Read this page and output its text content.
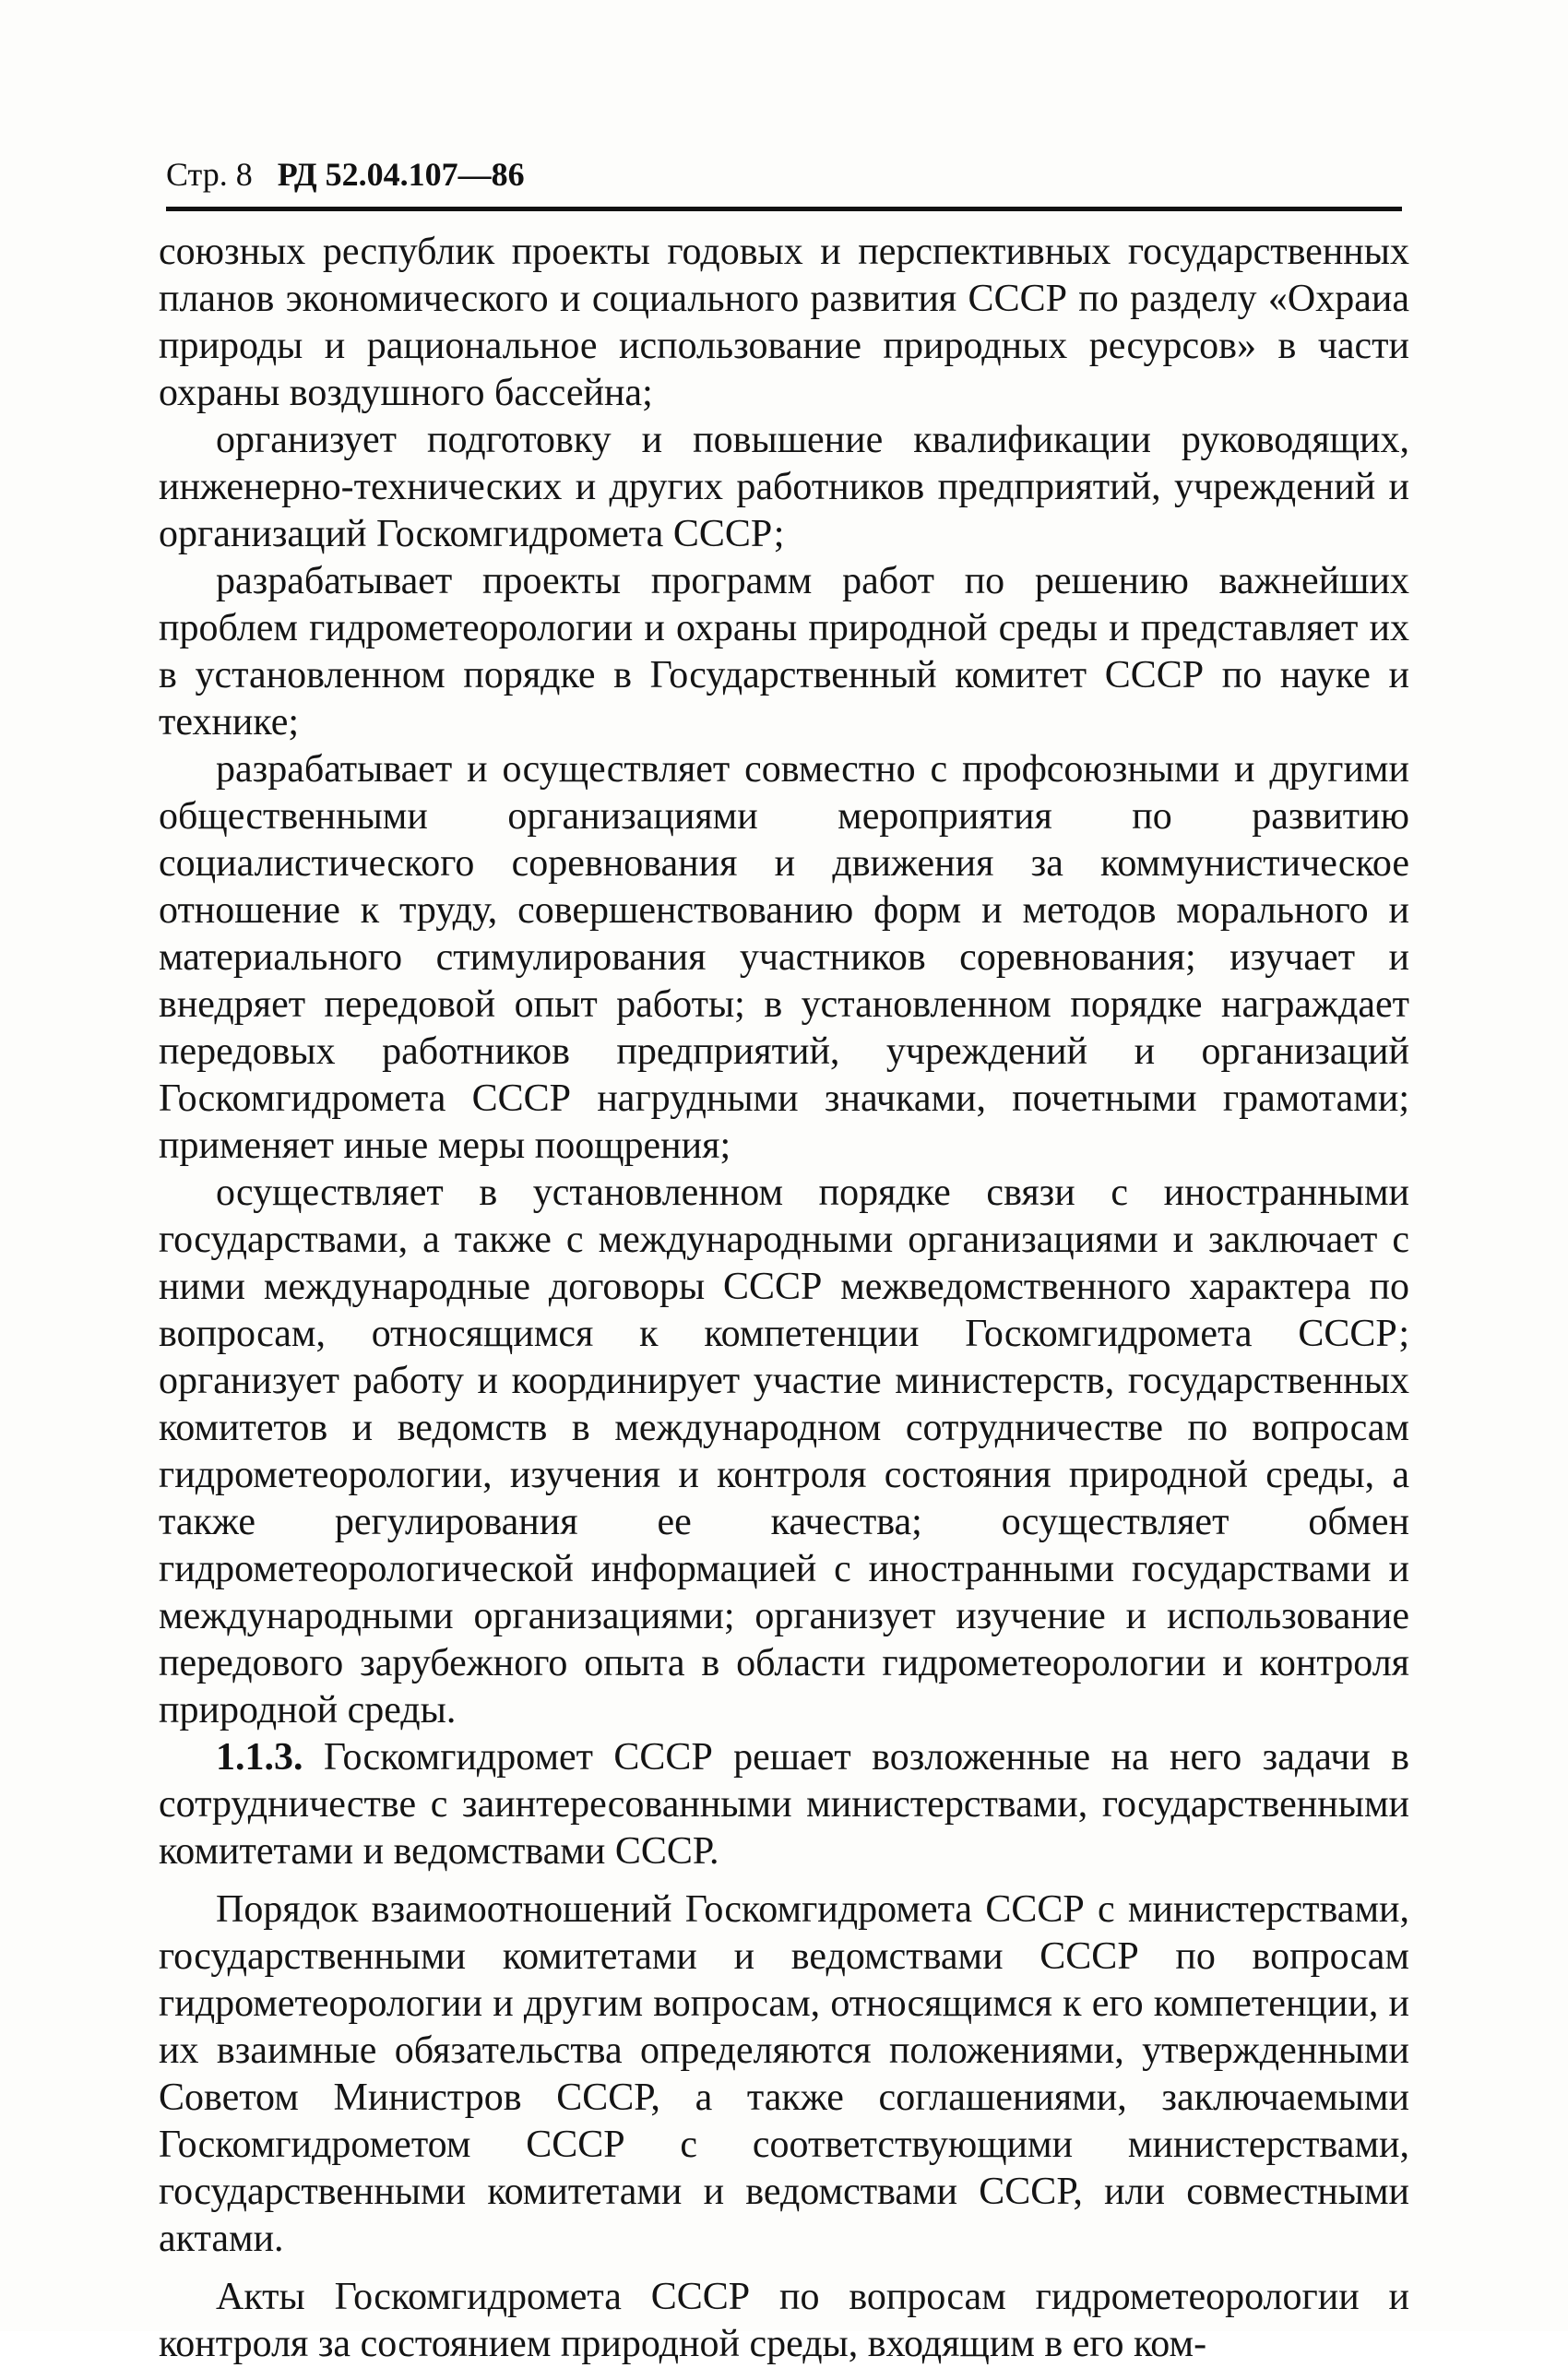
Стр. 8 РД 52.04.107—86

союзных республик проекты годовых и перспективных государственных планов экономического и социального развития СССР по разделу «Охраиа природы и рациональное использование природных ресурсов» в части охраны воздушного бассейна;

организует подготовку и повышение квалификации руководящих, инженерно-технических и других работников предприятий, учреждений и организаций Госкомгидромета СССР;

разрабатывает проекты программ работ по решению важнейших проблем гидрометеорологии и охраны природной среды и представляет их в установленном порядке в Государственный комитет СССР по науке и технике;

разрабатывает и осуществляет совместно с профсоюзными и другими общественными организациями мероприятия по развитию социалистического соревнования и движения за коммунистическое отношение к труду, совершенствованию форм и методов морального и материального стимулирования участников соревнования; изучает и внедряет передовой опыт работы; в установленном порядке награждает передовых работников предприятий, учреждений и организаций Госкомгидромета СССР нагрудными значками, почетными грамотами; применяет иные меры поощрения;

осуществляет в установленном порядке связи с иностранными государствами, а также с международными организациями и заключает с ними международные договоры СССР межведомственного характера по вопросам, относящимся к компетенции Госкомгидромета СССР; организует работу и координирует участие министерств, государственных комитетов и ведомств в международном сотрудничестве по вопросам гидрометеорологии, изучения и контроля состояния природной среды, а также регулирования ее качества; осуществляет обмен гидрометеорологической информацией с иностранными государствами и международными организациями; организует изучение и использование передового зарубежного опыта в области гидрометеорологии и контроля природной среды.

1.1.3. Госкомгидромет СССР решает возложенные на него задачи в сотрудничестве с заинтересованными министерствами, государственными комитетами и ведомствами СССР.

Порядок взаимоотношений Госкомгидромета СССР с министерствами, государственными комитетами и ведомствами СССР по вопросам гидрометеорологии и другим вопросам, относящимся к его компетенции, и их взаимные обязательства определяются положениями, утвержденными Советом Министров СССР, а также соглашениями, заключаемыми Госкомгидрометом СССР с соответствующими министерствами, государственными комитетами и ведомствами СССР, или совместными актами.

Акты Госкомгидромета СССР по вопросам гидрометеорологии и контроля за состоянием природной среды, входящим в его ком-
